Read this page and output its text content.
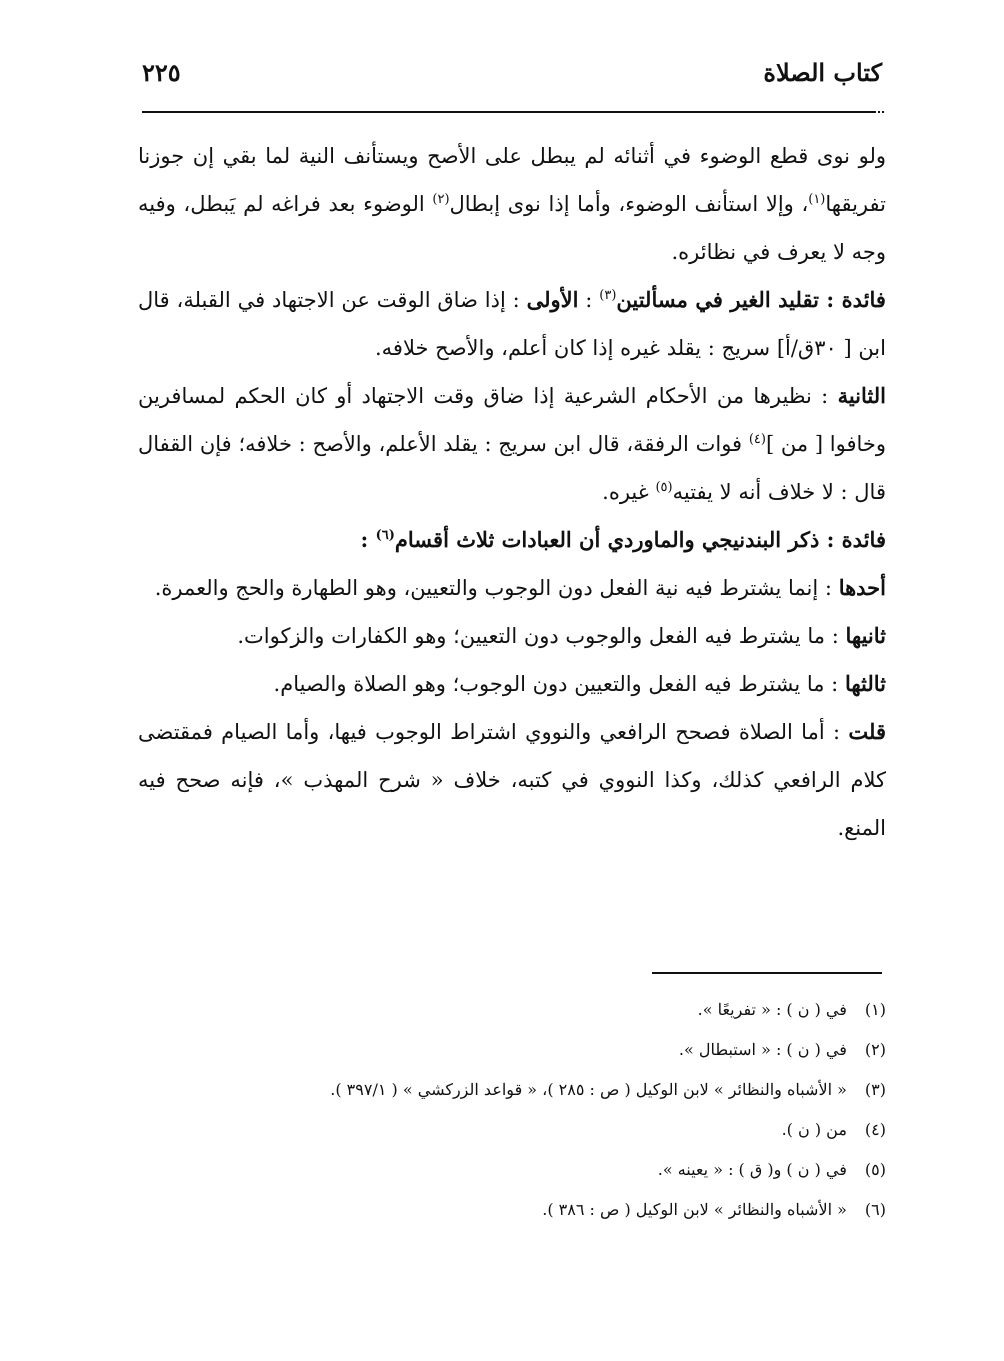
كتاب الصلاة
٢٢٥

ولو نوى قطع الوضوء في أثنائه لم يبطل على الأصح ويستأنف النية لما بقي إن جوزنا تفريقها$^{(١)}$، وإلا استأنف الوضوء، وأما إذا نوى إبطال$^{(٢)}$ الوضوء بعد فراغه لم يَبطل، وفيه وجه لا يعرف في نظائره.

فائدة : تقليد الغير في مسألتين$^{(٣)}$ : الأولى : إذا ضاق الوقت عن الاجتهاد في القبلة، قال ابن [ ٣٠ق/أ] سريج : يقلد غيره إذا كان أعلم، والأصح خلافه.

الثانية : نظيرها من الأحكام الشرعية إذا ضاق وقت الاجتهاد أو كان الحكم لمسافرين وخافوا [ من ]$^{(٤)}$ فوات الرفقة، قال ابن سريج : يقلد الأعلم، والأصح : خلافه؛ فإن القفال قال : لا خلاف أنه لا يفتيه$^{(٥)}$ غيره.

فائدة : ذكر البندنيجي والماوردي أن العبادات ثلاث أقسام$^{(٦)}$ :

أحدها : إنما يشترط فيه نية الفعل دون الوجوب والتعيين، وهو الطهارة والحج والعمرة.

ثانيها : ما يشترط فيه الفعل والوجوب دون التعيين؛ وهو الكفارات والزكوات.

ثالثها : ما يشترط فيه الفعل والتعيين دون الوجوب؛ وهو الصلاة والصيام.

قلت : أما الصلاة فصحح الرافعي والنووي اشتراط الوجوب فيها، وأما الصيام فمقتضى كلام الرافعي كذلك، وكذا النووي في كتبه، خلاف « شرح المهذب »، فإنه صحح فيه المنع.

(١) في ( ن ) : « تفريعًا ».
(٢) في ( ن ) : « استبطال ».
(٣) « الأشباه والنظائر » لابن الوكيل ( ص : ٢٨٥ )، « قواعد الزركشي » ( ٣٩٧/١ ).
(٤) من ( ن ).
(٥) في ( ن ) و( ق ) : « يعينه ».
(٦) « الأشباه والنظائر » لابن الوكيل ( ص : ٣٨٦ ).
